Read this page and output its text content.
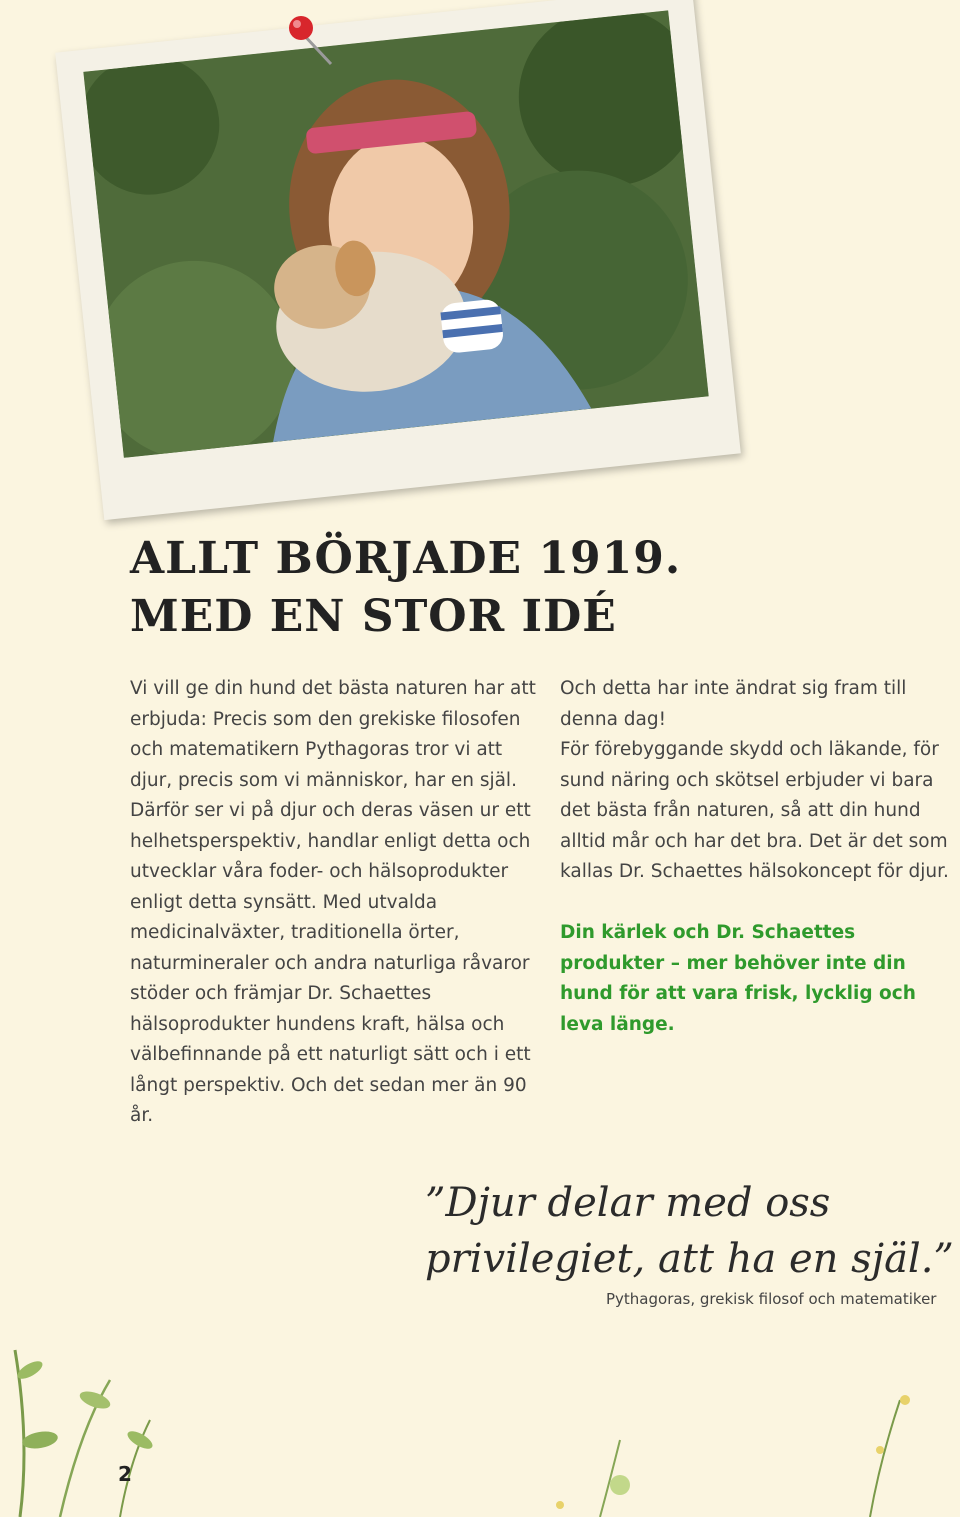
ALLT BÖRJADE 1919.
MED EN STOR IDÉ

Vi vill ge din hund det bästa naturen har att erbjuda: Precis som den grekiske filosofen och matematikern Pythagoras tror vi att djur, precis som vi människor, har en själ. Därför ser vi på djur och deras väsen ur ett helhetsperspektiv, handlar enligt detta och utvecklar våra foder- och hälsoprodukter enligt detta synsätt. Med utvalda medicinalväxter, traditionella örter, naturmineraler och andra naturliga råvaror stöder och främjar Dr. Schaettes hälsoprodukter hundens kraft, hälsa och välbefinnande på ett naturligt sätt och i ett långt perspektiv. Och det sedan mer än 90 år.

Och detta har inte ändrat sig fram till denna dag!

För förebyggande skydd och läkande, för sund näring och skötsel erbjuder vi bara det bästa från naturen, så att din hund alltid mår och har det bra. Det är det som kallas Dr. Schaettes hälsokoncept för djur.

Din kärlek och Dr. Schaettes produkter – mer behöver inte din hund för att vara frisk, lycklig och leva länge.

”Djur delar med oss privilegiet, att ha en själ.”

Pythagoras, grekisk filosof och matematiker

2
